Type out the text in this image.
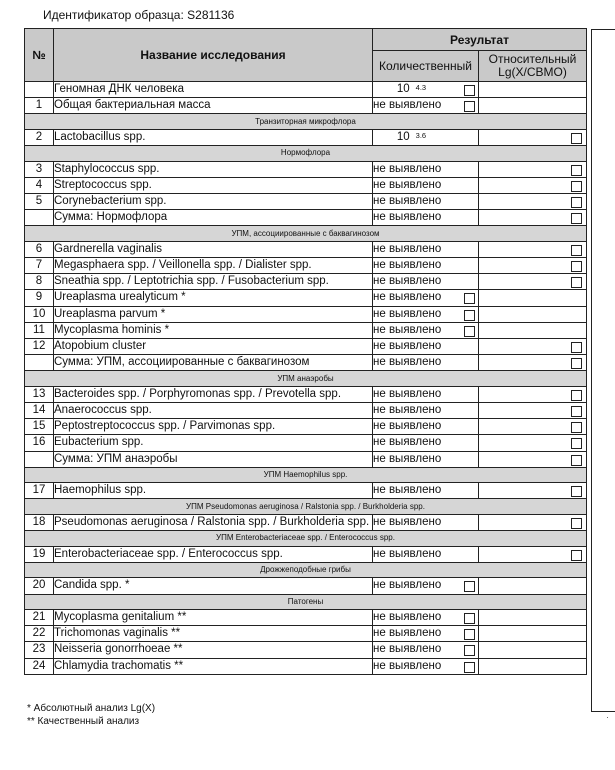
Идентификатор образца: S281136
№	Название исследования	Результат	
		Количественный	Относительный
Lg(X/СВМО)
	Геномная ДНК человека	10 $^{4.3}$

1	Общая бактериальная масса	не выявлено

Транзиторная микрофлора			
2	Lactobacillus spp.	10 $^{3.6}$	

Нормофлора			
3	Staphylococcus spp.	не выявлено	

4	Streptococcus spp.	не выявлено	

5	Corynebacterium spp.	не выявлено	

	Сумма: Нормофлора	не выявлено	

УПМ, ассоциированные с баквагинозом			
6	Gardnerella vaginalis	не выявлено	

7	Megasphaera spp. / Veillonella spp. / Dialister spp.	не выявлено	

8	Sneathia spp. / Leptotrichia spp. / Fusobacterium spp.	не выявлено	

9	Ureaplasma urealyticum *	не выявлено

10	Ureaplasma parvum *	не выявлено

11	Mycoplasma hominis *	не выявлено

12	Atopobium cluster	не выявлено	

	Сумма: УПМ, ассоциированные с баквагинозом	не выявлено	

УПМ анаэробы			
13	Bacteroides spp. / Porphyromonas spp. / Prevotella spp.	не выявлено	

14	Anaerococcus spp.	не выявлено	

15	Peptostreptococcus spp. / Parvimonas spp.	не выявлено	

16	Eubacterium spp.	не выявлено	

	Сумма: УПМ анаэробы	не выявлено	

УПМ Haemophilus spp.			
17	Haemophilus spp.	не выявлено	

УПМ Pseudomonas aeruginosa / Ralstonia spp. / Burkholderia spp.			
18	Pseudomonas aeruginosa / Ralstonia spp. / Burkholderia spp.	не выявлено	

УПМ Enterobacteriaceae spp. / Enterococcus spp.			
19	Enterobacteriaceae spp. / Enterococcus spp.	не выявлено	

Дрожжеподобные грибы			
20	Candida spp. *	не выявлено

Патогены			
21	Mycoplasma genitalium **	не выявлено

22	Trichomonas vaginalis **	не выявлено

23	Neisseria gonorrhoeae **	не выявлено

24	Chlamydia trachomatis **	не выявлено

* Абсолютный анализ Lg(X)
** Качественный анализ	·
